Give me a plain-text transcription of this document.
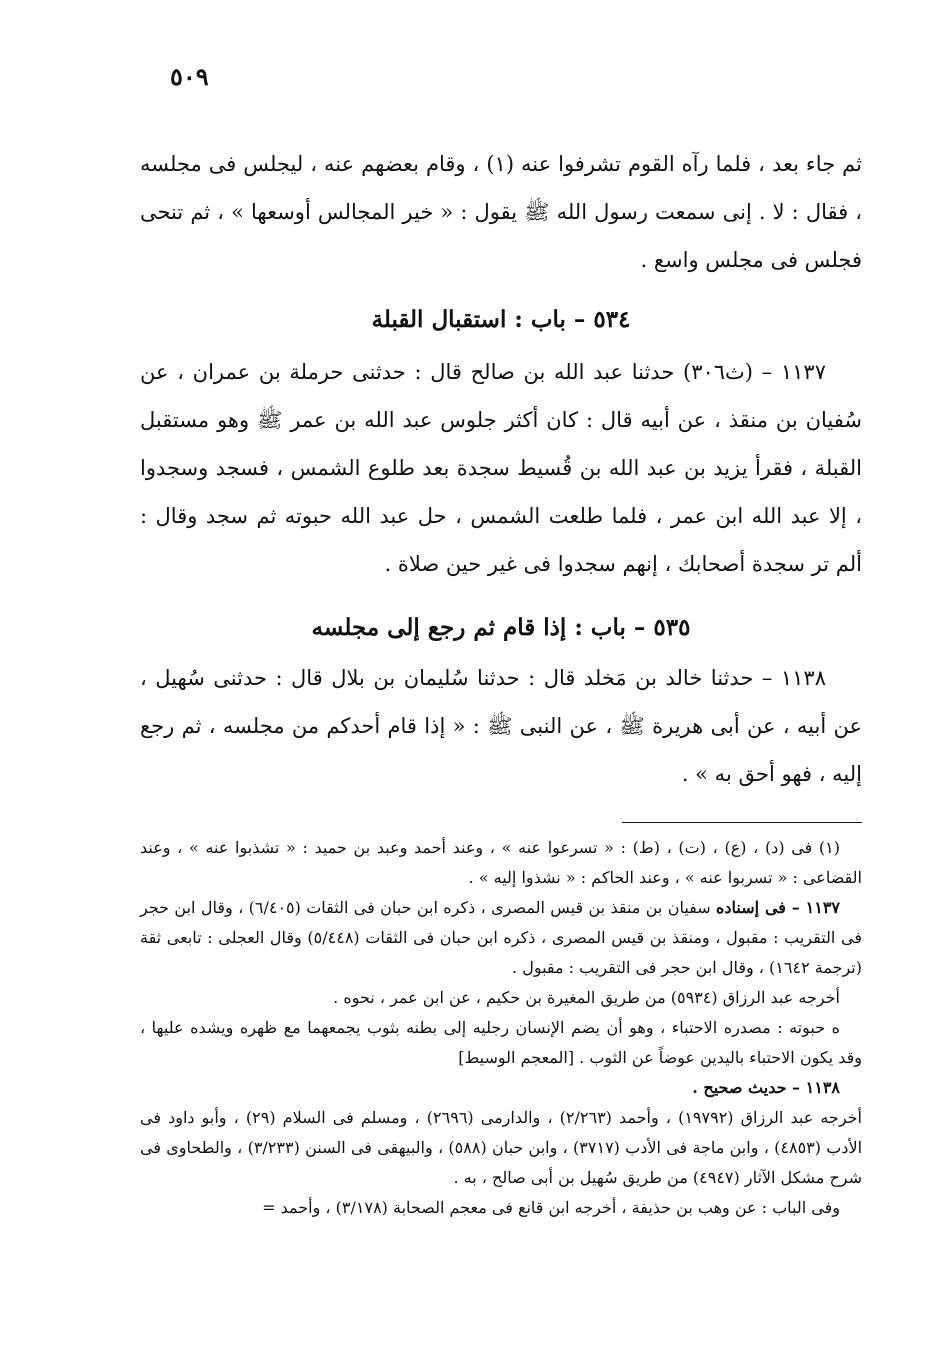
٥٠٩

ثم جاء بعد ، فلما رآه القوم تشرفوا عنه (١) ، وقام بعضهم عنه ، ليجلس فى مجلسه ، فقال : لا . إنى سمعت رسول الله ﷺ يقول : « خير المجالس أوسعها » ، ثم تنحى فجلس فى مجلس واسع .

٥٣٤ – باب : استقبال القبلة

١١٣٧ – (ث٣٠٦) حدثنا عبد الله بن صالح قال : حدثنى حرملة بن عمران ، عن سُفيان بن منقذ ، عن أبيه قال : كان أكثر جلوس عبد الله بن عمر ﷺ وهو مستقبل القبلة ، فقرأ يزيد بن عبد الله بن قُسيط سجدة بعد طلوع الشمس ، فسجد وسجدوا ، إلا عبد الله ابن عمر ، فلما طلعت الشمس ، حل عبد الله حبوته ثم سجد وقال : ألم تر سجدة أصحابك ، إنهم سجدوا فى غير حين صلاة .

٥٣٥ – باب : إذا قام ثم رجع إلى مجلسه

١١٣٨ – حدثنا خالد بن مَخلد قال : حدثنا سُليمان بن بلال قال : حدثنى سُهيل ، عن أبيه ، عن أبى هريرة ﷺ ، عن النبى ﷺ : « إذا قام أحدكم من مجلسه ، ثم رجع إليه ، فهو أحق به » .

(١) فى (د) ، (ع) ، (ت) ، (ط) : « تسرعوا عنه » ، وعند أحمد وعبد بن حميد : « تشذبوا عنه » ، وعند القضاعى : « تسربوا عنه » ، وعند الحاكم : « نشذوا إليه » .

١١٣٧ – فى إسناده سفيان بن منقذ بن قيس المصرى ، ذكره ابن حبان فى الثقات (٦/٤٠٥) ، وقال ابن حجر فى التقريب : مقبول ، ومنقذ بن قيس المصرى ، ذكره ابن حبان فى الثقات (٥/٤٤٨) وقال العجلى : تابعى ثقة (ترجمة ١٦٤٢) ، وقال ابن حجر فى التقريب : مقبول .

أخرجه عبد الرزاق (٥٩٣٤) من طريق المغيرة بن حكيم ، عن ابن عمر ، نحوه .

ه حبوته : مصدره الاحتباء ، وهو أن يضم الإنسان رجليه إلى بطنه بثوب يجمعهما مع ظهره ويشده عليها ، وقد يكون الاحتباء باليدين عوضاً عن الثوب . [المعجم الوسيط]

١١٣٨ – حديث صحيح .

أخرجه عبد الرزاق (١٩٧٩٢) ، وأحمد (٢/٢٦٣) ، والدارمى (٢٦٩٦) ، ومسلم فى السلام (٢٩) ، وأبو داود فى الأدب (٤٨٥٣) ، وابن ماجة فى الأدب (٣٧١٧) ، وابن حبان (٥٨٨) ، والبيهقى فى السنن (٣/٢٣٣) ، والطحاوى فى شرح مشكل الآثار (٤٩٤٧) من طريق سُهيل بن أبى صالح ، به .

وفى الباب : عن وهب بن حذيفة ، أخرجه ابن قانع فى معجم الصحابة (٣/١٧٨) ، وأحمد =
